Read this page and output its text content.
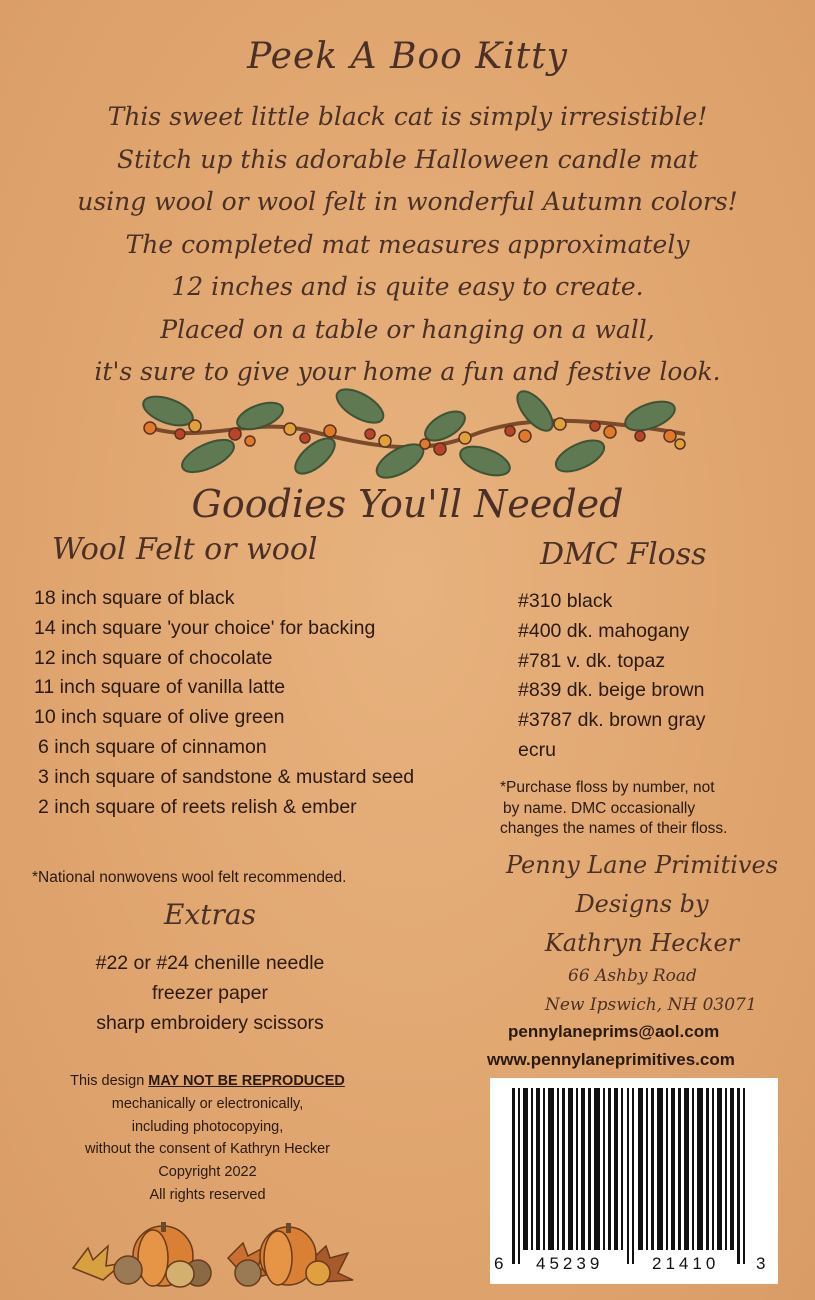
Peek A Boo Kitty
This sweet little black cat is simply irresistible!
Stitch up this adorable Halloween candle mat
using wool or wool felt in wonderful Autumn colors!
The completed mat measures approximately
12 inches and is quite easy to create.
Placed on a table or hanging on a wall,
it's sure to give your home a fun and festive look.
Goodies You'll Needed
Wool Felt or wool
18 inch square of black
14 inch square 'your choice' for backing
12 inch square of chocolate
11 inch square of vanilla latte
10 inch square of olive green
6 inch square of cinnamon
3 inch square of sandstone & mustard seed
2 inch square of reets relish & ember
*National nonwovens wool felt recommended.
DMC Floss
#310 black
#400 dk. mahogany
#781 v. dk. topaz
#839 dk. beige brown
#3787 dk. brown gray
ecru
*Purchase floss by number, not
by name. DMC occasionally
changes the names of their floss.
Extras
#22 or #24 chenille needle
freezer paper
sharp embroidery scissors
This design MAY NOT BE REPRODUCED
mechanically or electronically,
including photocopying,
without the consent of Kathryn Hecker
Copyright 2022
All rights reserved
Penny Lane Primitives
Designs by
Kathryn Hecker
66 Ashby Road
New Ipswich, NH 03071
pennylaneprims@aol.com
www.pennylaneprimitives.com
6 45239	21410 3
